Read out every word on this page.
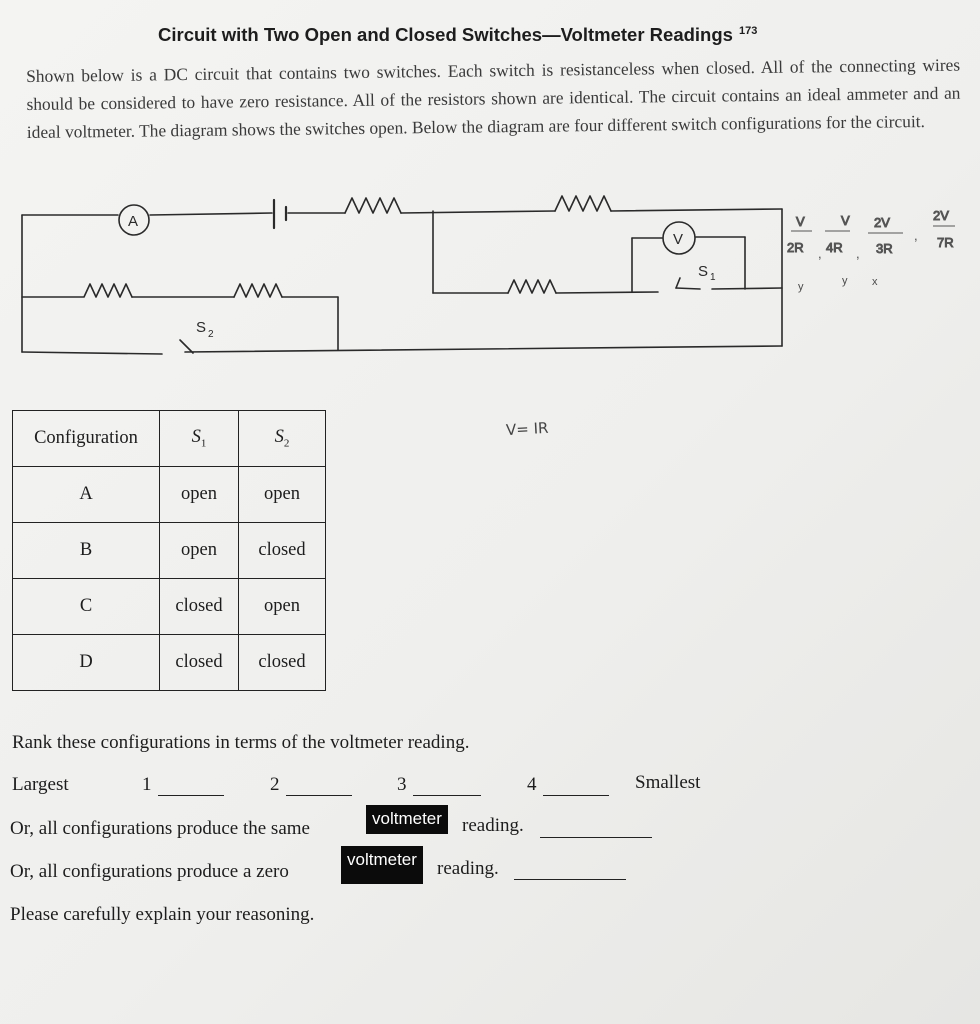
Circuit with Two Open and Closed Switches—Voltmeter Readings $^{173}$
Shown below is a DC circuit that contains two switches. Each switch is resistanceless when closed. All of the connecting wires should be considered to have zero resistance. All of the resistors shown are identical. The circuit contains an ideal ammeter and an ideal voltmeter. The diagram shows the switches open. Below the diagram are four different switch configurations for the circuit.
A
V
S 1
S 2
V
2R ,
V
4R ,
2V
3R
,
2V
7R
y	y x
Configuration	$S_1$	$S_2$
A	open	open
B	open	closed
C	closed	open
D	closed	closed
V= IR
Rank these configurations in terms of the voltmeter reading.
Largest	1	2	3	4	Smallest
Or, all configurations produce the same	voltmeter	reading.
Or, all configurations produce a zero
voltmeter	reading.
Please carefully explain your reasoning.
